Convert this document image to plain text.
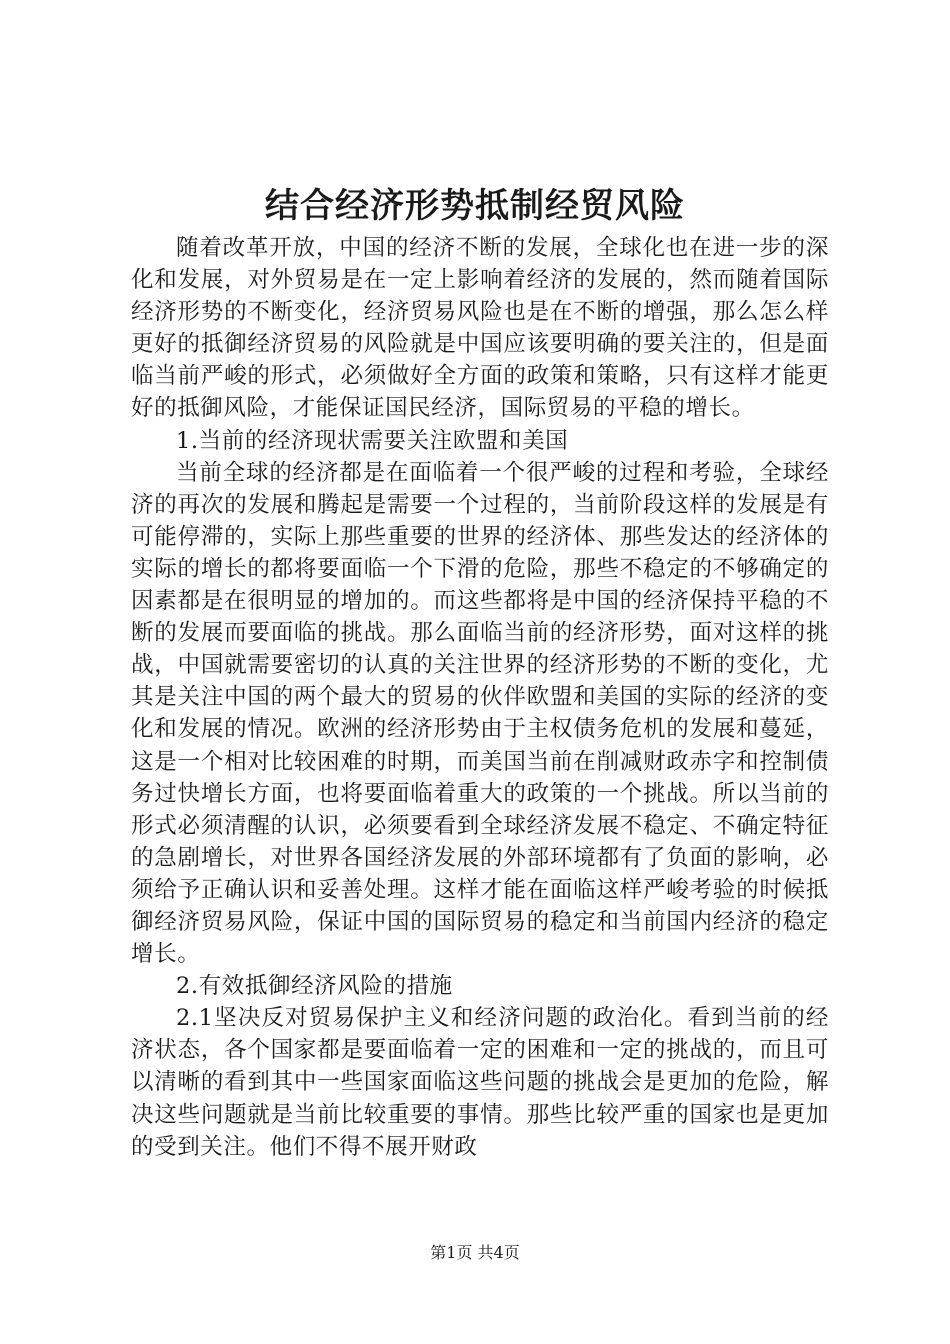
结合经济形势抵制经贸风险

随着改革开放，中国的经济不断的发展，全球化也在进一步的深化和发展，对外贸易是在一定上影响着经济的发展的，然而随着国际经济形势的不断变化，经济贸易风险也是在不断的增强，那么怎么样更好的抵御经济贸易的风险就是中国应该要明确的要关注的，但是面临当前严峻的形式，必须做好全方面的政策和策略，只有这样才能更好的抵御风险，才能保证国民经济，国际贸易的平稳的增长。

1.当前的经济现状需要关注欧盟和美国

当前全球的经济都是在面临着一个很严峻的过程和考验，全球经济的再次的发展和腾起是需要一个过程的，当前阶段这样的发展是有可能停滞的，实际上那些重要的世界的经济体、那些发达的经济体的实际的增长的都将要面临一个下滑的危险，那些不稳定的不够确定的因素都是在很明显的增加的。而这些都将是中国的经济保持平稳的不断的发展而要面临的挑战。那么面临当前的经济形势，面对这样的挑战，中国就需要密切的认真的关注世界的经济形势的不断的变化，尤其是关注中国的两个最大的贸易的伙伴欧盟和美国的实际的经济的变化和发展的情况。欧洲的经济形势由于主权债务危机的发展和蔓延，这是一个相对比较困难的时期，而美国当前在削减财政赤字和控制债务过快增长方面，也将要面临着重大的政策的一个挑战。所以当前的形式必须清醒的认识，必须要看到全球经济发展不稳定、不确定特征的急剧增长，对世界各国经济发展的外部环境都有了负面的影响，必须给予正确认识和妥善处理。这样才能在面临这样严峻考验的时候抵御经济贸易风险，保证中国的国际贸易的稳定和当前国内经济的稳定增长。

2.有效抵御经济风险的措施

2.1坚决反对贸易保护主义和经济问题的政治化。看到当前的经济状态，各个国家都是要面临着一定的困难和一定的挑战的，而且可以清晰的看到其中一些国家面临这些问题的挑战会是更加的危险，解决这些问题就是当前比较重要的事情。那些比较严重的国家也是更加的受到关注。他们不得不展开财政

第1页 共4页
